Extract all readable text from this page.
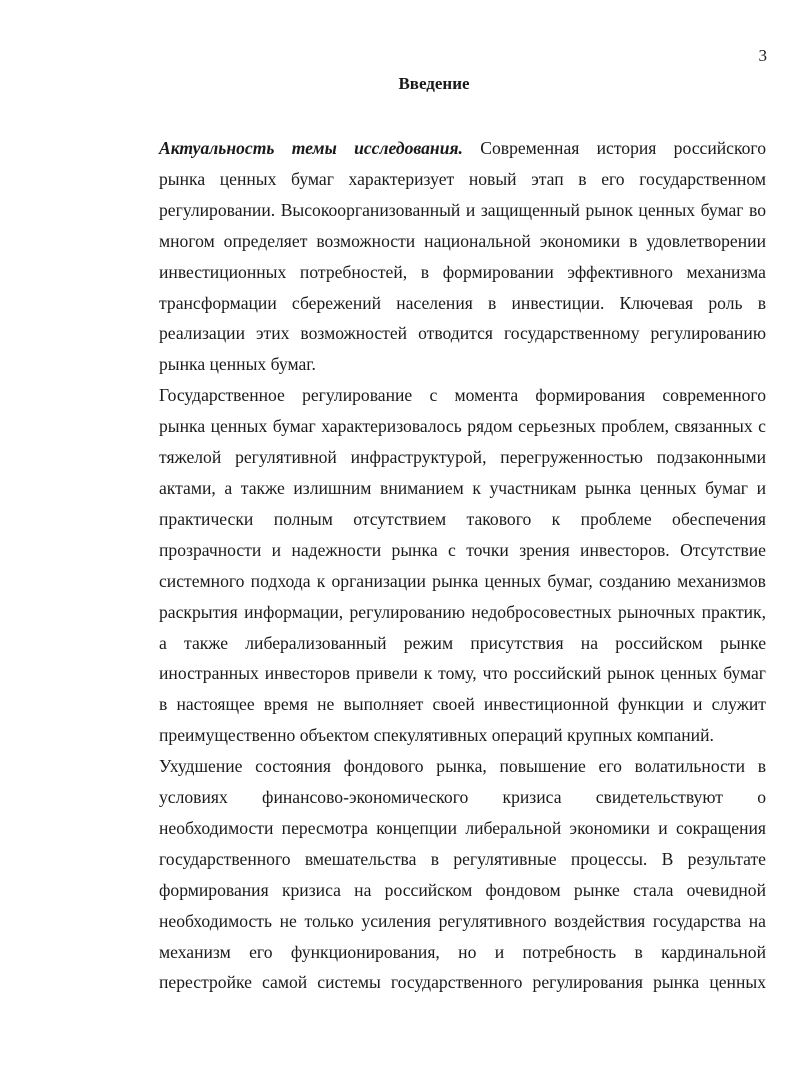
3
Введение

Актуальность темы исследования. Современная история российского
рынка ценных бумаг характеризует новый этап в его государственном
регулировании. Высокоорганизованный и защищенный рынок ценных бумаг во
многом определяет возможности национальной экономики в удовлетворении
инвестиционных потребностей, в формировании эффективного механизма
трансформации сбережений населения в инвестиции. Ключевая роль в
реализации этих возможностей отводится государственному регулированию
рынка ценных бумаг.

Государственное регулирование с момента формирования современного
рынка ценных бумаг характеризовалось рядом серьезных проблем, связанных с
тяжелой регулятивной инфраструктурой, перегруженностью подзаконными
актами, а также излишним вниманием к участникам рынка ценных бумаг и
практически полным отсутствием такового к проблеме обеспечения
прозрачности и надежности рынка с точки зрения инвесторов. Отсутствие
системного подхода к организации рынка ценных бумаг, созданию механизмов
раскрытия информации, регулированию недобросовестных рыночных практик,
а также либерализованный режим присутствия на российском рынке
иностранных инвесторов привели к тому, что российский рынок ценных бумаг
в настоящее время не выполняет своей инвестиционной функции и служит
преимущественно объектом спекулятивных операций крупных компаний.

Ухудшение состояния фондового рынка, повышение его волатильности в
условиях финансово-экономического кризиса свидетельствуют о
необходимости пересмотра концепции либеральной экономики и сокращения
государственного вмешательства в регулятивные процессы. В результате
формирования кризиса на российском фондовом рынке стала очевидной
необходимость не только усиления регулятивного воздействия государства на
механизм его функционирования, но и потребность в кардинальной
перестройке самой системы государственного регулирования рынка ценных
